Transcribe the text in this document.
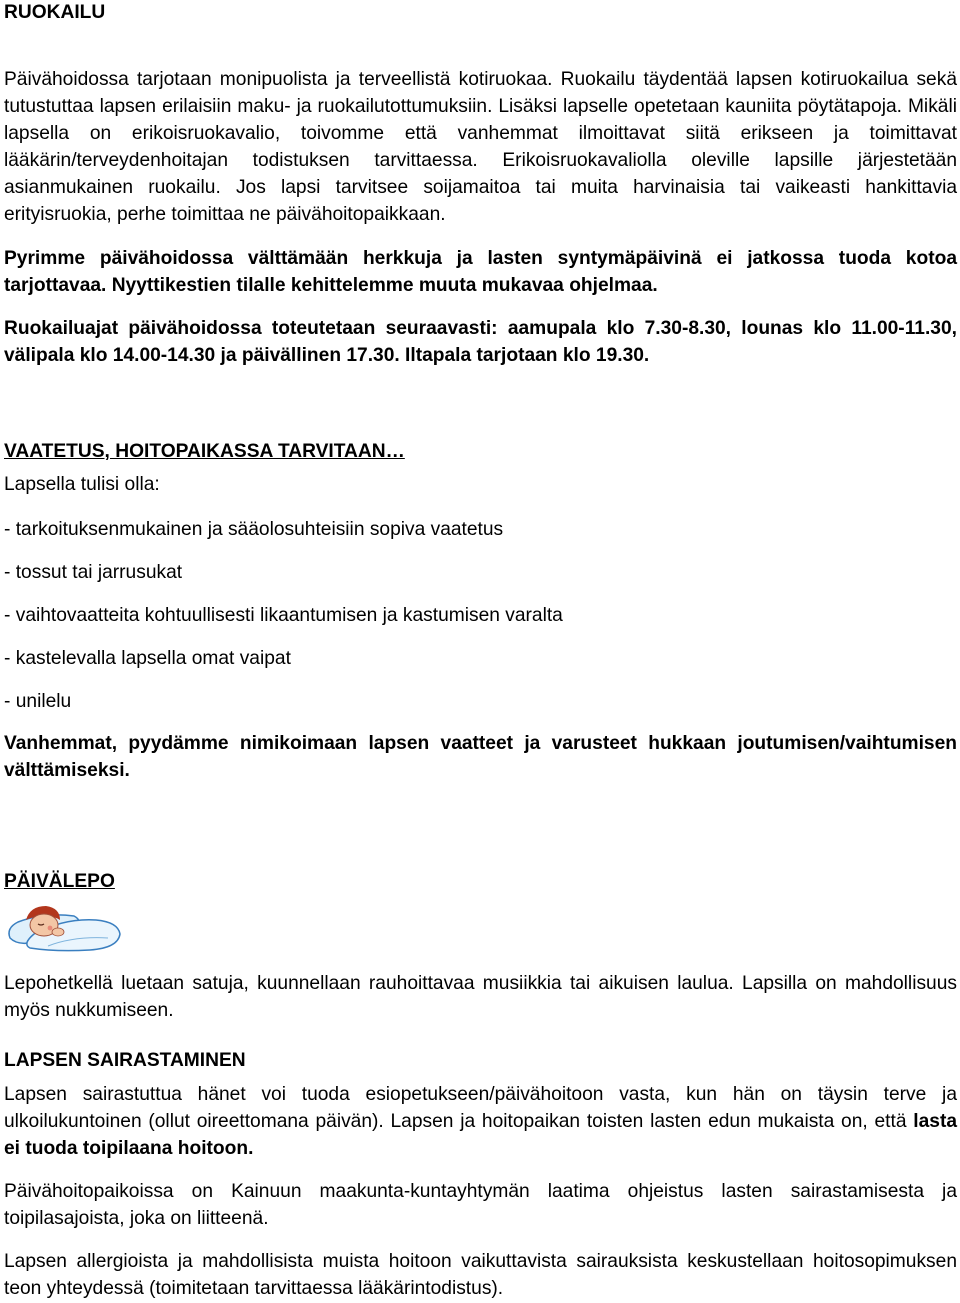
RUOKAILU

Päivähoidossa tarjotaan monipuolista ja terveellistä kotiruokaa. Ruokailu täydentää lapsen kotiruokailua sekä tutustuttaa lapsen erilaisiin maku- ja ruokailutottumuksiin. Lisäksi lapselle opetetaan kauniita pöytätapoja. Mikäli lapsella on erikoisruokavalio, toivomme että vanhemmat ilmoittavat siitä erikseen ja toimittavat lääkärin/terveydenhoitajan todistuksen tarvittaessa. Erikoisruokavaliolla oleville lapsille järjestetään asianmukainen ruokailu. Jos lapsi tarvitsee soijamaitoa tai muita harvinaisia tai vaikeasti hankittavia erityisruokia, perhe toimittaa ne päivähoitopaikkaan.

Pyrimme päivähoidossa välttämään herkkuja ja lasten syntymäpäivinä ei jatkossa tuoda kotoa tarjottavaa. Nyyttikestien tilalle kehittelemme muuta mukavaa ohjelmaa.

Ruokailuajat päivähoidossa toteutetaan seuraavasti: aamupala klo 7.30-8.30, lounas klo 11.00-11.30, välipala klo 14.00-14.30 ja päivällinen 17.30. Iltapala tarjotaan klo 19.30.

VAATETUS, HOITOPAIKASSA TARVITAAN…

Lapsella tulisi olla:

- tarkoituksenmukainen ja sääolosuhteisiin sopiva vaatetus

- tossut tai jarrusukat

- vaihtovaatteita kohtuullisesti likaantumisen ja kastumisen varalta

- kastelevalla lapsella omat vaipat

- unilelu

Vanhemmat, pyydämme nimikoimaan lapsen vaatteet ja varusteet hukkaan joutumisen/vaihtumisen välttämiseksi.

PÄIVÄLEPO

Lepohetkellä luetaan satuja, kuunnellaan rauhoittavaa musiikkia tai aikuisen laulua. Lapsilla on mahdollisuus myös nukkumiseen.

LAPSEN SAIRASTAMINEN

Lapsen sairastuttua hänet voi tuoda esiopetukseen/päivähoitoon vasta, kun hän on täysin terve ja ulkoilukuntoinen (ollut oireettomana päivän). Lapsen ja hoitopaikan toisten lasten edun mukaista on, että lasta ei tuoda toipilaana hoitoon.

Päivähoitopaikoissa on Kainuun maakunta-kuntayhtymän laatima ohjeistus lasten sairastamisesta ja toipilasajoista, joka on liitteenä.

Lapsen allergioista ja mahdollisista muista hoitoon vaikuttavista sairauksista keskustellaan hoitosopimuksen teon yhteydessä (toimitetaan tarvittaessa lääkärintodistus).
